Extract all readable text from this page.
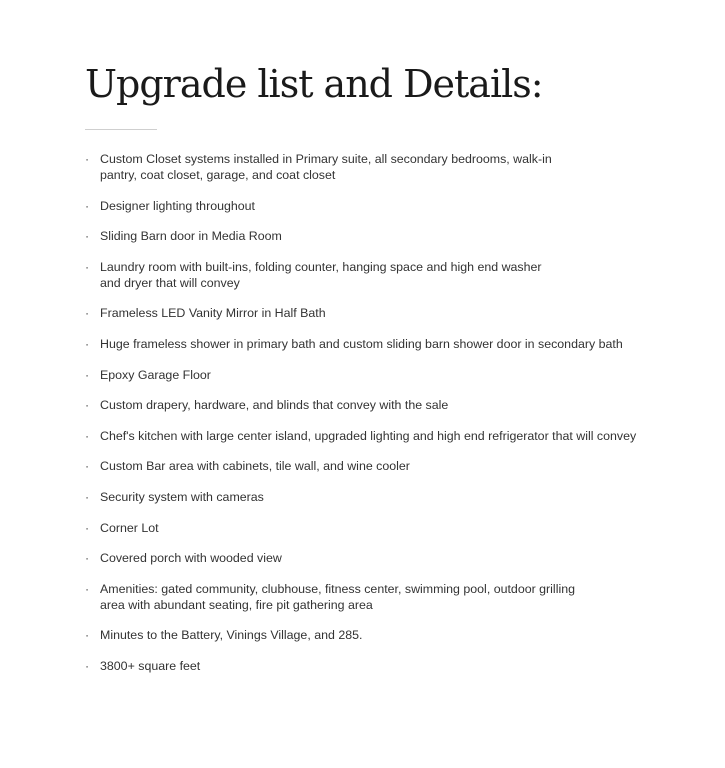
Upgrade list and Details:
· Custom Closet systems installed in Primary suite, all secondary bedrooms, walk-in pantry, coat closet, garage, and coat closet
· Designer lighting throughout
· Sliding Barn door in Media Room
· Laundry room with built-ins, folding counter, hanging space and high end washer and dryer that will convey
· Frameless LED Vanity Mirror in Half Bath
· Huge frameless shower in primary bath and custom sliding barn shower door in secondary bath
· Epoxy Garage Floor
· Custom drapery, hardware, and blinds that convey with the sale
· Chef's kitchen with large center island, upgraded lighting and high end refrigerator that will convey
· Custom Bar area with cabinets, tile wall, and wine cooler
· Security system with cameras
· Corner Lot
· Covered porch with wooded view
· Amenities: gated community, clubhouse, fitness center, swimming pool, outdoor grilling area with abundant seating, fire pit gathering area
· Minutes to the Battery, Vinings Village, and 285.
· 3800+ square feet
